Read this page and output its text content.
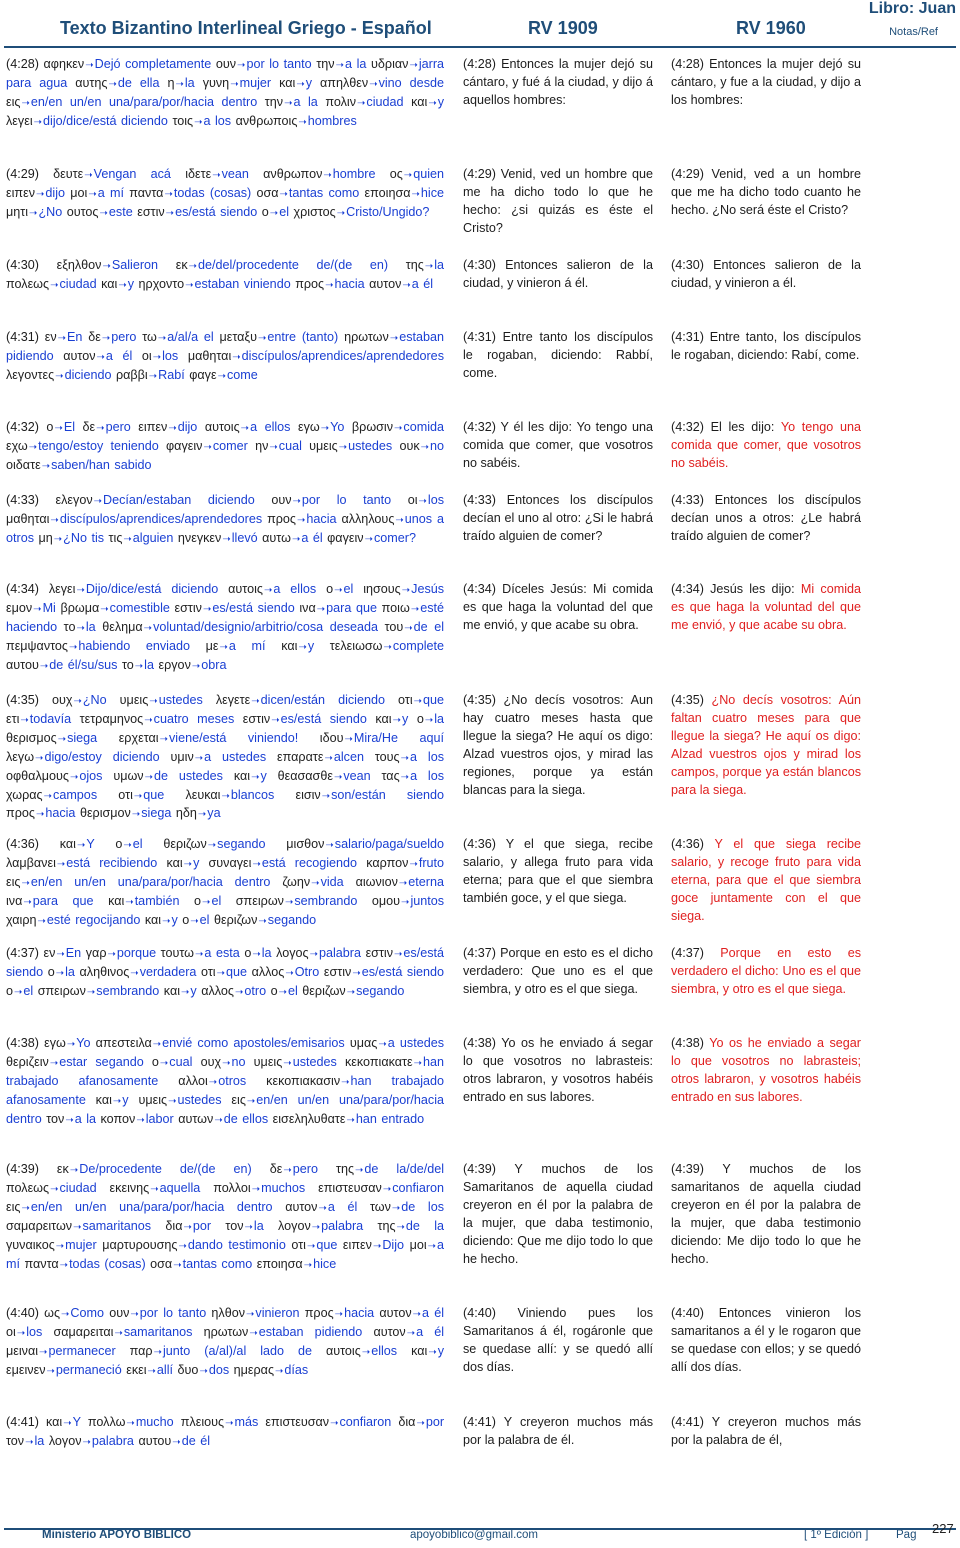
Texto Bizantino Interlineal Griego - Español	RV 1909	RV 1960
Libro: Juan
Notas/Ref
(4:28) αφηκεν➝Dejó completamente ουν➝por lo tanto την➝a la υδριαν➝jarra para agua αυτης➝de ella η➝la γυνη➝mujer και➝y απηλθεν➝vino desde εις➝en/en un/en una/para/por/hacia dentro την➝a la πολιν➝ciudad και➝y λεγει➝dijo/dice/está diciendo τοις➝a los ανθρωποις➝hombres
(4:28) Entonces la mujer dejó su cántaro, y fué á la ciudad, y dijo á aquellos hombres:
(4:28) Entonces la mujer dejó su cántaro, y fue a la ciudad, y dijo a los hombres:
(4:29) δευτε➝Vengan acá ιδετε➝vean ανθρωπον➝hombre ος➝quien ειπεν➝dijo μοι➝a mí παντα➝todas (cosas) οσα➝tantas como εποιησα➝hice μητι➝¿No ουτος➝este εστιν➝es/está siendo ο➝el χριστος➝Cristo/Ungido?
(4:29) Venid, ved un hombre que me ha dicho todo lo que he hecho: ¿si quizás es éste el Cristo?
(4:29) Venid, ved a un hombre que me ha dicho todo cuanto he hecho. ¿No será éste el Cristo?
(4:30) εξηλθον➝Salieron εκ➝de/del/procedente de/(de en) της➝la πολεως➝ciudad και➝y ηρχοντο➝estaban viniendo προς➝hacia αυτον➝a él
(4:30) Entonces salieron de la ciudad, y vinieron á él.
(4:30) Entonces salieron de la ciudad, y vinieron a él.
(4:31) εν➝En δε➝pero τω➝a/al/a el μεταξυ➝entre (tanto) ηρωτων➝estaban pidiendo αυτον➝a él οι➝los μαθηται➝discípulos/aprendices/aprendedores λεγοντες➝diciendo ραββι➝Rabí φαγε➝come
(4:31) Entre tanto los discípulos le rogaban, diciendo: Rabbí, come.
(4:31) Entre tanto, los discípulos le rogaban, diciendo: Rabí, come.
(4:32) ο➝El δε➝pero ειπεν➝dijo αυτοις➝a ellos εγω➝Yo βρωσιν➝comida εχω➝tengo/estoy teniendo φαγειν➝comer ην➝cual υμεις➝ustedes ουκ➝no οιδατε➝saben/han sabido
(4:32) Y él les dijo: Yo tengo una comida que comer, que vosotros no sabéis.
(4:32) El les dijo: Yo tengo una comida que comer, que vosotros no sabéis.
(4:33) ελεγον➝Decían/estaban diciendo ουν➝por lo tanto οι➝los μαθηται➝discípulos/aprendices/aprendedores προς➝hacia αλληλους➝unos a otros μη➝¿No tis τις➝alguien ηνεγκεν➝llevó αυτω➝a él φαγειν➝comer?
(4:33) Entonces los discípulos decían el uno al otro: ¿Si le habrá traído alguien de comer?
(4:33) Entonces los discípulos decían unos a otros: ¿Le habrá traído alguien de comer?
(4:34) λεγει➝Dijo/dice/está diciendo αυτοις➝a ellos ο➝el ιησους➝Jesús εμον➝Mi βρωμα➝comestible εστιν➝es/está siendo ινα➝para que ποιω➝esté haciendo το➝la θελημα➝voluntad/designio/arbitrio/cosa deseada του➝de el πεμψαντος➝habiendo enviado με➝a mí και➝y τελειωσω➝complete αυτου➝de él/su/sus το➝la εργον➝obra
(4:34) Díceles Jesús: Mi comida es que haga la voluntad del que me envió, y que acabe su obra.
(4:34) Jesús les dijo: Mi comida es que haga la voluntad del que me envió, y que acabe su obra.
(4:35) ουχ➝¿No υμεις➝ustedes λεγετε➝dicen/están diciendo οτι➝que ετι➝todavía τετραμηνος➝cuatro meses εστιν➝es/está siendo και➝y ο➝la θερισμος➝siega ερχεται➝viene/está viniendo! ιδου➝Mira/He aquí λεγω➝digo/estoy diciendo υμιν➝a ustedes επαρατε➝alcen τους➝a los οφθαλμους➝ojos υμων➝de ustedes και➝y θεασασθε➝vean τας➝a los χωρας➝campos οτι➝que λευκαι➝blancos εισιν➝son/están siendo προς➝hacia θερισμον➝siega ηδη➝ya
(4:35) ¿No decís vosotros: Aun hay cuatro meses hasta que llegue la siega? He aquí os digo: Alzad vuestros ojos, y mirad las regiones, porque ya están blancas para la siega.
(4:35) ¿No decís vosotros: Aún faltan cuatro meses para que llegue la siega? He aquí os digo: Alzad vuestros ojos y mirad los campos, porque ya están blancos para la siega.
(4:36) και➝Y ο➝el θεριζων➝segando μισθον➝salario/paga/sueldo λαμβανει➝está recibiendo και➝y συναγει➝está recogiendo καρπον➝fruto εις➝en/en un/en una/para/por/hacia dentro ζωην➝vida αιωνιον➝eterna ινα➝para que και➝también ο➝el σπειρων➝sembrando ομου➝juntos χαιρη➝esté regocijando και➝y ο➝el θεριζων➝segando
(4:36) Y el que siega, recibe salario, y allega fruto para vida eterna; para que el que siembra también goce, y el que siega.
(4:36) Y el que siega recibe salario, y recoge fruto para vida eterna, para que el que siembra goce juntamente con el que siega.
(4:37) εν➝En γαρ➝porque τουτω➝a esta ο➝la λογος➝palabra εστιν➝es/está siendo ο➝la αληθινος➝verdadera οτι➝que αλλος➝Otro εστιν➝es/está siendo ο➝el σπειρων➝sembrando και➝y αλλος➝otro ο➝el θεριζων➝segando
(4:37) Porque en esto es el dicho verdadero: Que uno es el que siembra, y otro es el que siega.
(4:37) Porque en esto es verdadero el dicho: Uno es el que siembra, y otro es el que siega.
(4:38) εγω➝Yo απεστειλα➝envié como apostoles/emisarios υμας➝a ustedes θεριζειν➝estar segando ο➝cual ουχ➝no υμεις➝ustedes κεκοπιακατε➝han trabajado afanosamente αλλοι➝otros κεκοπιακασιν➝han trabajado afanosamente και➝y υμεις➝ustedes εις➝en/en un/en una/para/por/hacia dentro τον➝a la κοπον➝labor αυτων➝de ellos εισεληλυθατε➝han entrado
(4:38) Yo os he enviado á segar lo que vosotros no labrasteis: otros labraron, y vosotros habéis entrado en sus labores.
(4:38) Yo os he enviado a segar lo que vosotros no labrasteis; otros labraron, y vosotros habéis entrado en sus labores.
(4:39) εκ➝De/procedente de/(de en) δε➝pero της➝de la/de/del πολεως➝ciudad εκεινης➝aquella πολλοι➝muchos επιστευσαν➝confiaron εις➝en/en un/en una/para/por/hacia dentro αυτον➝a él των➝de los σαμαρειτων➝samaritanos δια➝por τον➝la λογον➝palabra της➝de la γυναικος➝mujer μαρτυρουσης➝dando testimonio οτι➝que ειπεν➝Dijo μοι➝a mí παντα➝todas (cosas) οσα➝tantas como εποιησα➝hice
(4:39) Y muchos de los Samaritanos de aquella ciudad creyeron en él por la palabra de la mujer, que daba testimonio, diciendo: Que me dijo todo lo que he hecho.
(4:39) Y muchos de los samaritanos de aquella ciudad creyeron en él por la palabra de la mujer, que daba testimonio diciendo: Me dijo todo lo que he hecho.
(4:40) ως➝Como ουν➝por lo tanto ηλθον➝vinieron προς➝hacia αυτον➝a él οι➝los σαμαρειται➝samaritanos ηρωτων➝estaban pidiendo αυτον➝a él μειναι➝permanecer παρ➝junto (a/al)/al lado de αυτοις➝ellos και➝y εμεινεν➝permaneció εκει➝allí δυο➝dos ημερας➝días
(4:40) Viniendo pues los Samaritanos á él, rogáronle que se quedase allí: y se quedó allí dos días.
(4:40) Entonces vinieron los samaritanos a él y le rogaron que se quedase con ellos; y se quedó allí dos días.
(4:41) και➝Y πολλω➝mucho πλειους➝más επιστευσαν➝confiaron δια➝por τον➝la λογον➝palabra αυτου➝de él
(4:41) Y creyeron muchos más por la palabra de él.
(4:41) Y creyeron muchos más por la palabra de él,
Ministerio APOYO BIBLICO	apoyobiblico@gmail.com	[ 1º Edición ] Pag 227
